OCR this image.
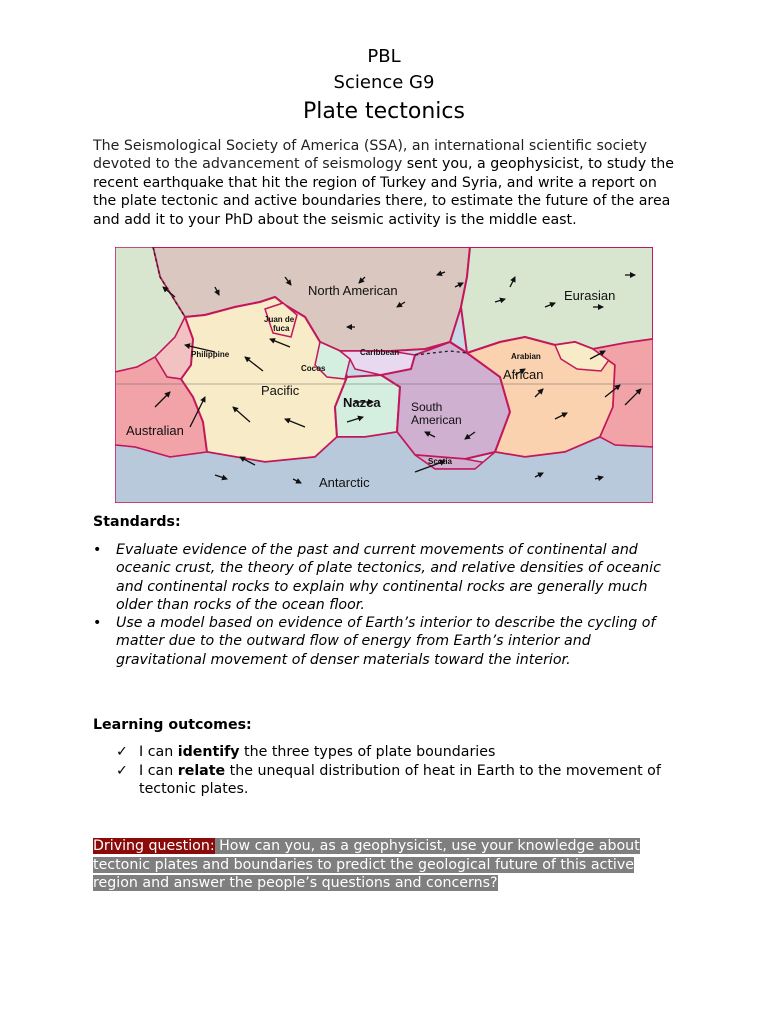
PBL
Science G9
Plate tectonics
The Seismological Society of America (SSA), an international scientific society devoted to the advancement of seismology sent you, a geophysicist, to study the recent earthquake that hit the region of Turkey and Syria, and write a report on the plate tectonic and active boundaries there, to estimate the future of the area and add it to your PhD about the seismic activity is the middle east.
North American	Eurasian
Juan de
fuca
Philippine	Caribbean	Arabian
African
Cocos
Pacific
Nazca	South
American
Australian
Scotia
Antarctic
Standards:
• Evaluate evidence of the past and current movements of continental and oceanic crust, the theory of plate tectonics, and relative densities of oceanic and continental rocks to explain why continental rocks are generally much older than rocks of the ocean floor.
• Use a model based on evidence of Earth’s interior to describe the cycling of matter due to the outward flow of energy from Earth’s interior and gravitational movement of denser materials toward the interior.
Learning outcomes:
✓ I can identify the three types of plate boundaries
✓ I can relate the unequal distribution of heat in Earth to the movement of tectonic plates.
Driving question: How can you, as a geophysicist, use your knowledge about tectonic plates and boundaries to predict the geological future of this active region and answer the people’s questions and concerns?
